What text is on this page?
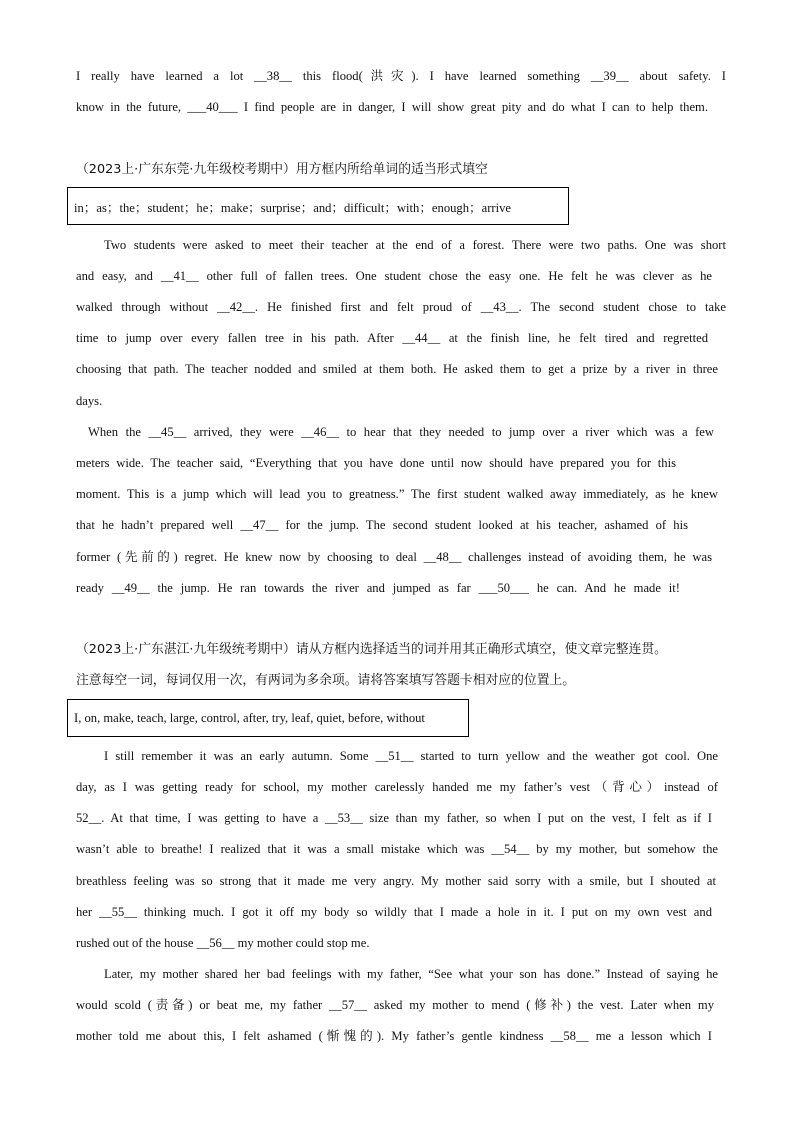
I really have learned a lot __38__ this flood(洪灾). I have learned something __39__ about safety. I
know in the future, ___40___ I find people are in danger, I will show great pity and do what I can to help them.
（2023上·广东东莞·九年级校考期中）用方框内所给单词的适当形式填空
in；as；the；student；he；make；surprise；and；difficult；with；enough；arrive
Two students were asked to meet their teacher at the end of a forest. There were two paths. One was short
and easy, and __41__ other full of fallen trees. One student chose the easy one. He felt he was clever as he
walked through without __42__. He finished first and felt proud of __43__. The second student chose to take
time to jump over every fallen tree in his path. After __44__ at the finish line, he felt tired and regretted
choosing that path. The teacher nodded and smiled at them both. He asked them to get a prize by a river in three
days.
When the __45__ arrived, they were __46__ to hear that they needed to jump over a river which was a few
meters wide. The teacher said, “Everything that you have done until now should have prepared you for this
moment. This is a jump which will lead you to greatness.” The first student walked away immediately, as he knew
that he hadn’t prepared well __47__ for the jump. The second student looked at his teacher, ashamed of his
former (先前的) regret. He knew now by choosing to deal __48__ challenges instead of avoiding them, he was
ready __49__ the jump. He ran towards the river and jumped as far ___50___ he can. And he made it!
（2023上·广东湛江·九年级统考期中）请从方框内选择适当的词并用其正确形式填空，使文章完整连贯。
注意每空一词，每词仅用一次，有两词为多余项。请将答案填写答题卡相对应的位置上。
I, on, make, teach, large, control, after, try, leaf, quiet, before, without
I still remember it was an early autumn. Some __51__ started to turn yellow and the weather got cool. One
day, as I was getting ready for school, my mother carelessly handed me my father’s vest（背心）instead of
52__. At that time, I was getting to have a __53__ size than my father, so when I put on the vest, I felt as if I
wasn’t able to breathe! I realized that it was a small mistake which was __54__ by my mother, but somehow the
breathless feeling was so strong that it made me very angry. My mother said sorry with a smile, but I shouted at
her __55__ thinking much. I got it off my body so wildly that I made a hole in it. I put on my own vest and
rushed out of the house __56__ my mother could stop me.
Later, my mother shared her bad feelings with my father, “See what your son has done.” Instead of saying he
would scold (责备) or beat me, my father __57__ asked my mother to mend (修补) the vest. Later when my
mother told me about this, I felt ashamed (惭愧的). My father’s gentle kindness __58__ me a lesson which I
